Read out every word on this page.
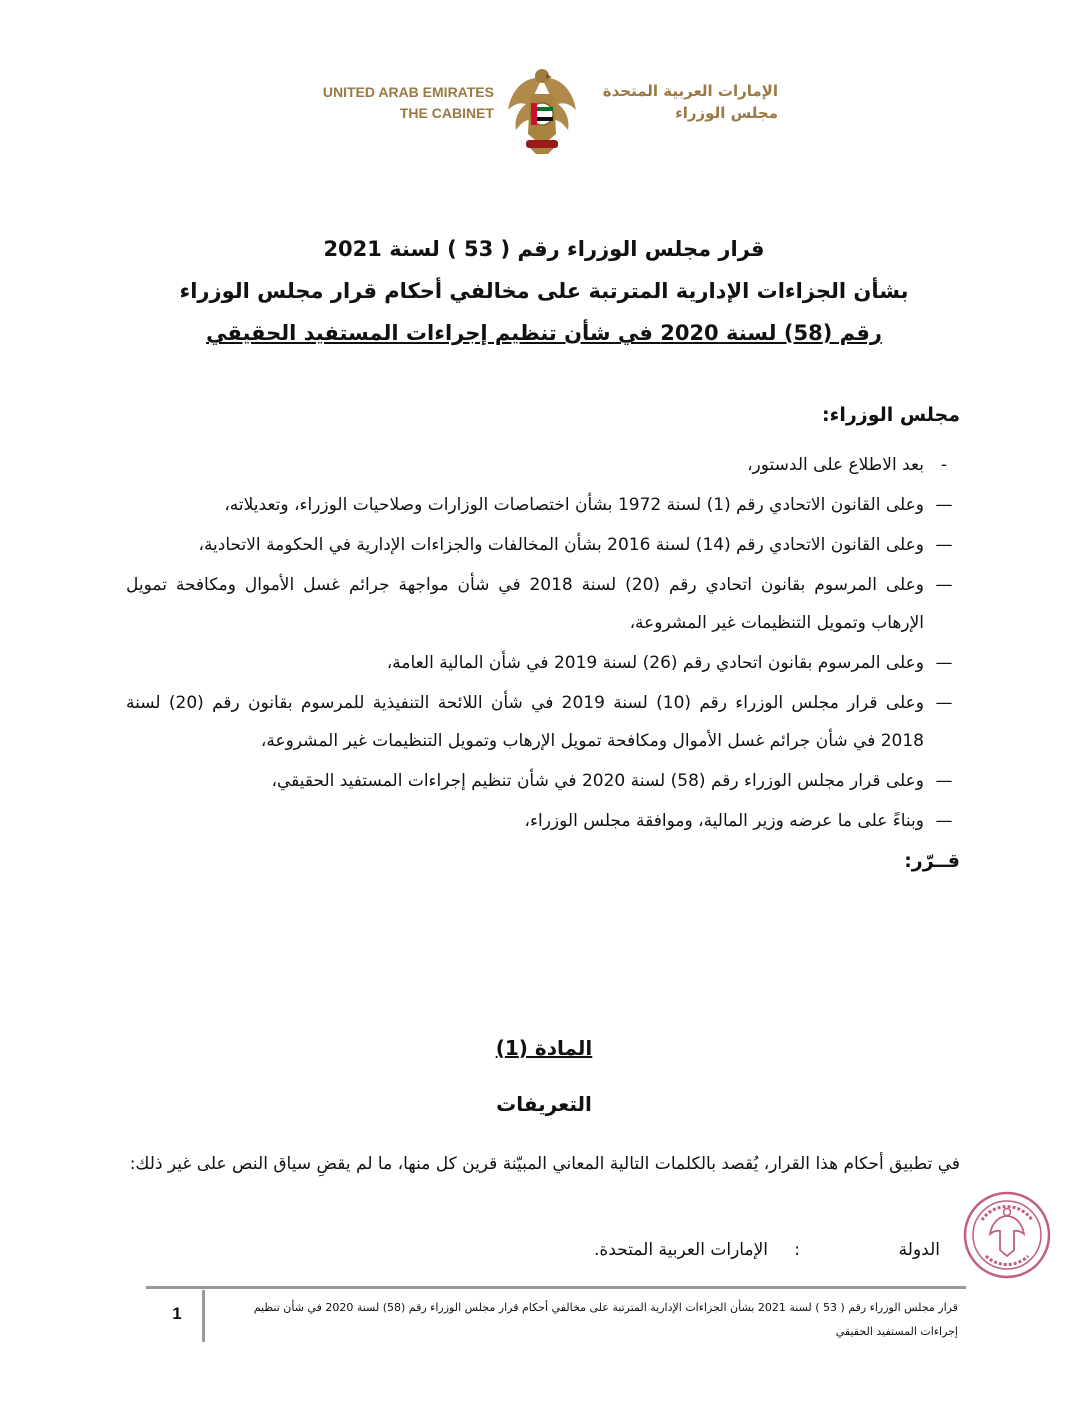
UNITED ARAB EMIRATES
THE CABINET
الإمارات العربية المتحدة
مجلس الوزراء
قرار مجلس الوزراء رقم ( 53 ) لسنة 2021
بشأن الجزاءات الإدارية المترتبة على مخالفي أحكام قرار مجلس الوزراء
رقم (58) لسنة 2020 في شأن تنظيم إجراءات المستفيد الحقيقي
مجلس الوزراء:
-
بعد الاطلاع على الدستور،
—
وعلى القانون الاتحادي رقم (1) لسنة 1972 بشأن اختصاصات الوزارات وصلاحيات الوزراء، وتعديلاته،
—
وعلى القانون الاتحادي رقم (14) لسنة 2016 بشأن المخالفات والجزاءات الإدارية في الحكومة الاتحادية،
—
وعلى المرسوم بقانون اتحادي رقم (20) لسنة 2018 في شأن مواجهة جرائم غسل الأموال ومكافحة تمويل الإرهاب وتمويل التنظيمات غير المشروعة،
—
وعلى المرسوم بقانون اتحادي رقم (26) لسنة 2019 في شأن المالية العامة،
—
وعلى قرار مجلس الوزراء رقم (10) لسنة 2019 في شأن اللائحة التنفيذية للمرسوم بقانون رقم (20) لسنة 2018 في شأن جرائم غسل الأموال ومكافحة تمويل الإرهاب وتمويل التنظيمات غير المشروعة،
—
وعلى قرار مجلس الوزراء رقم (58) لسنة 2020 في شأن تنظيم إجراءات المستفيد الحقيقي،
—
وبناءً على ما عرضه وزير المالية، وموافقة مجلس الوزراء،
قــرّر:
المادة (1)
التعريفات
في تطبيق أحكام هذا القرار، يُقصد بالكلمات التالية المعاني المبيّنة قرين كل منها، ما لم يقضِ سياق النص على غير ذلك:
الدولة
:
الإمارات العربية المتحدة.
1	قرار مجلس الوزراء رقم ( 53 ) لسنة 2021 بشأن الجزاءات الإدارية المترتبة على مخالفي أحكام قرار مجلس الوزراء رقم (58) لسنة 2020 في شأن تنظيم
إجراءات المستفيد الحقيقي
